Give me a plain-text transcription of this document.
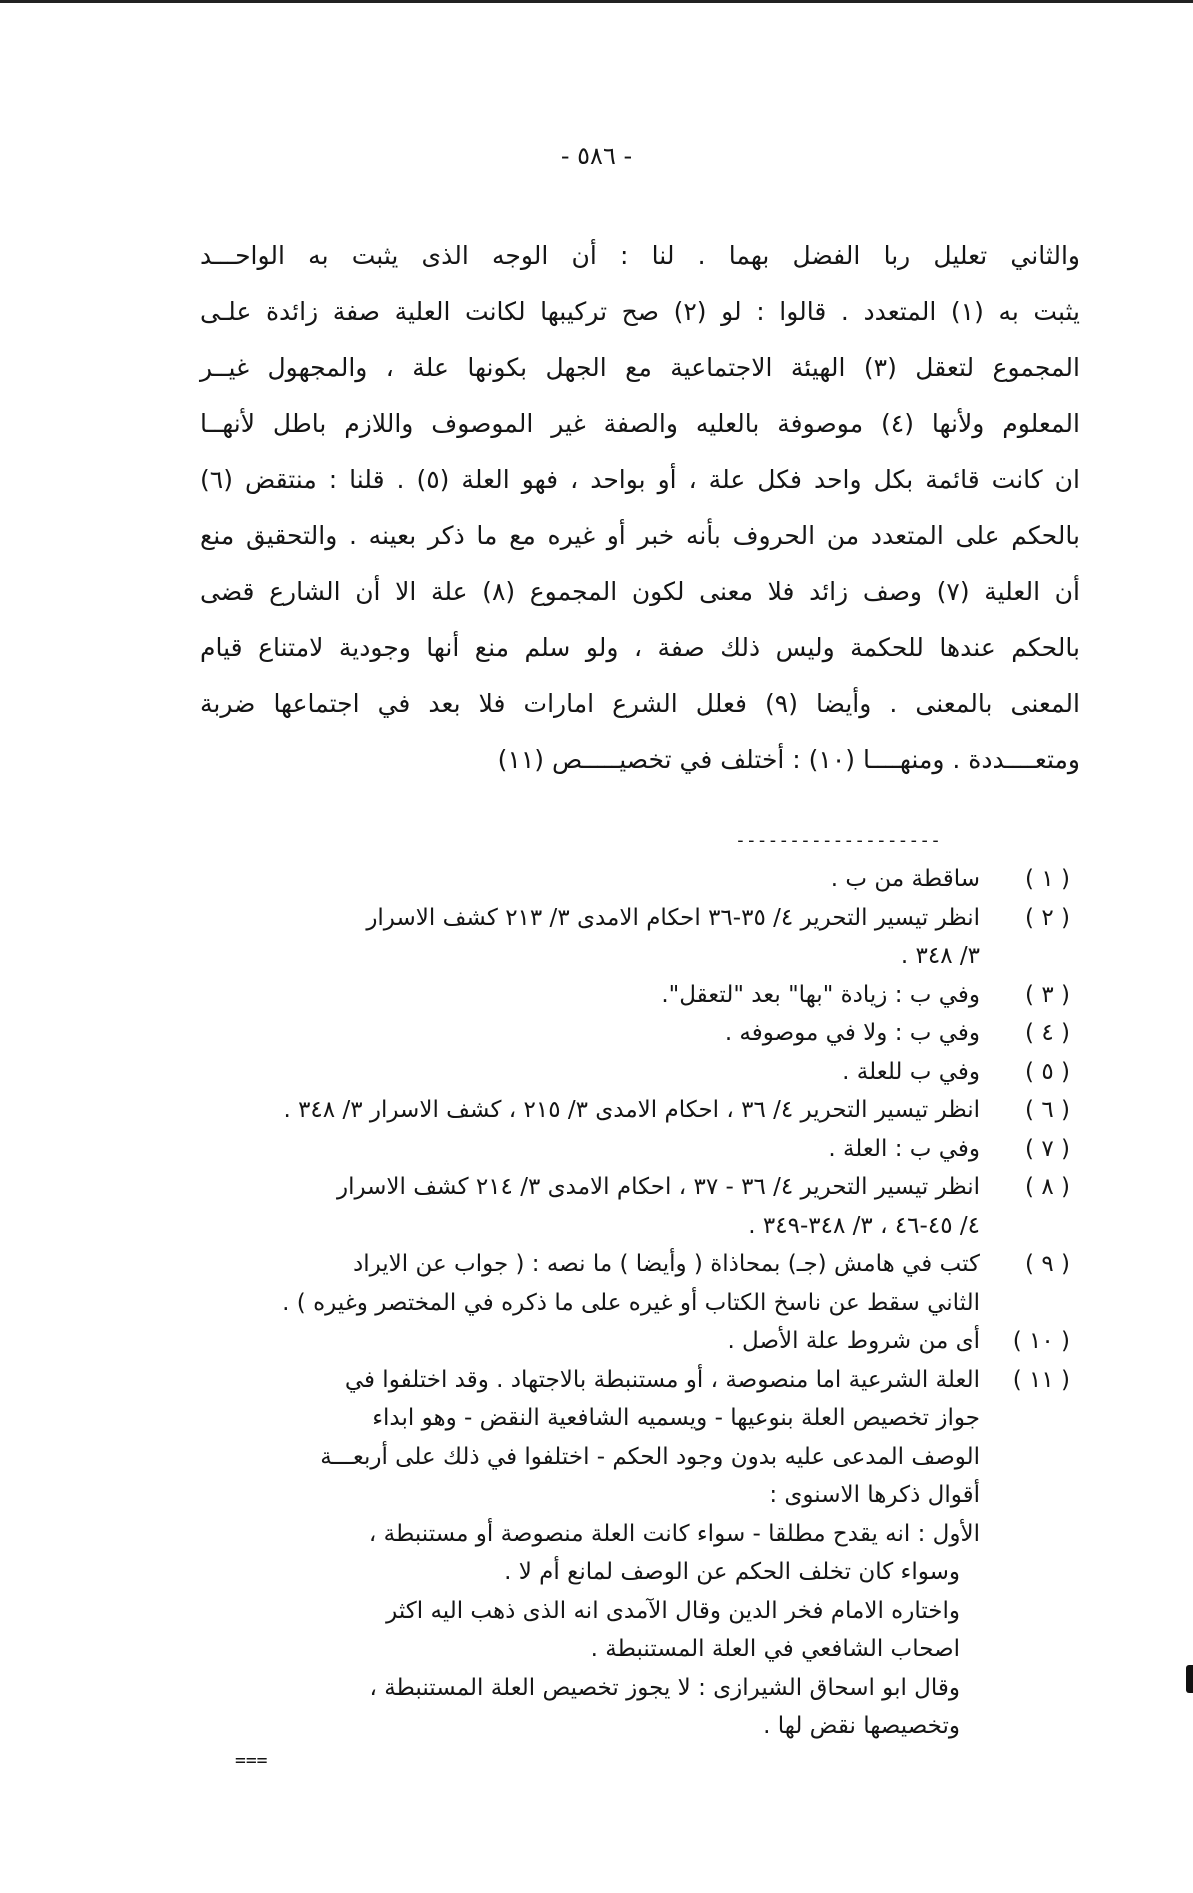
- ٥٨٦ -

والثاني تعليل ربا الفضل بهما . لنا : أن الوجه الذى يثبت به الواحـــد

يثبت به (١) المتعدد . قالوا : لو (٢) صح تركيبها لكانت العلية صفة زائدة علـى

المجموع لتعقل (٣) الهيئة الاجتماعية مع الجهل بكونها علة ، والمجهول غيــر

المعلوم ولأنها (٤) موصوفة بالعليه والصفة غير الموصوف واللازم باطل لأنهــا

ان كانت قائمة بكل واحد فكل علة ، أو بواحد ، فهو العلة (٥) . قلنا : منتقض (٦)

بالحكم على المتعدد من الحروف بأنه خبر أو غيره مع ما ذكر بعينه . والتحقيق منع

أن العلية (٧) وصف زائد فلا معنى لكون المجموع (٨) علة الا أن الشارع قضى

بالحكم عندها للحكمة وليس ذلك صفة ، ولو سلم منع أنها وجودية لامتناع قيام

المعنى بالمعنى . وأيضا (٩) فعلل الشرع امارات فلا بعد في اجتماعها ضربة

ومتعــــددة . ومنهــــا (١٠) : أختلف في تخصيـــــص (١١)

-------------------
( ١ )
ساقطة من ب .
( ٢ )
انظر تيسير التحرير ٤/ ٣٥-٣٦ احكام الامدى ٣/ ٢١٣ كشف الاسرار
٣/ ٣٤٨ .
( ٣ )
وفي ب : زيادة "بها" بعد "لتعقل".
( ٤ )
وفي ب : ولا في موصوفه .
( ٥ )
وفي ب للعلة .
( ٦ )
انظر تيسير التحرير ٤/ ٣٦ ، احكام الامدى ٣/ ٢١٥ ، كشف الاسرار ٣/ ٣٤٨ .
( ٧ )
وفي ب : العلة .
( ٨ )
انظر تيسير التحرير ٤/ ٣٦ - ٣٧ ، احكام الامدى ٣/ ٢١٤ كشف الاسرار
٤/ ٤٥-٤٦ ، ٣/ ٣٤٨-٣٤٩ .
( ٩ )
كتب في هامش (جـ) بمحاذاة ( وأيضا ) ما نصه : ( جواب عن الايراد
الثاني سقط عن ناسخ الكتاب أو غيره على ما ذكره في المختصر وغيره ) .
( ١٠ )
أى من شروط علة الأصل .
( ١١ )
العلة الشرعية اما منصوصة ، أو مستنبطة بالاجتهاد . وقد اختلفوا في
جواز تخصيص العلة بنوعيها - ويسميه الشافعية النقض - وهو ابداء
الوصف المدعى عليه بدون وجود الحكم - اختلفوا في ذلك على أربعـــة
أقوال ذكرها الاسنوى :
الأول : انه يقدح مطلقا - سواء كانت العلة منصوصة أو مستنبطة ،
وسواء كان تخلف الحكم عن الوصف لمانع أم لا .
واختاره الامام فخر الدين وقال الآمدى انه الذى ذهب اليه اكثر
اصحاب الشافعي في العلة المستنبطة .
وقال ابو اسحاق الشيرازى : لا يجوز تخصيص العلة المستنبطة ،
وتخصيصها نقض لها .
===
